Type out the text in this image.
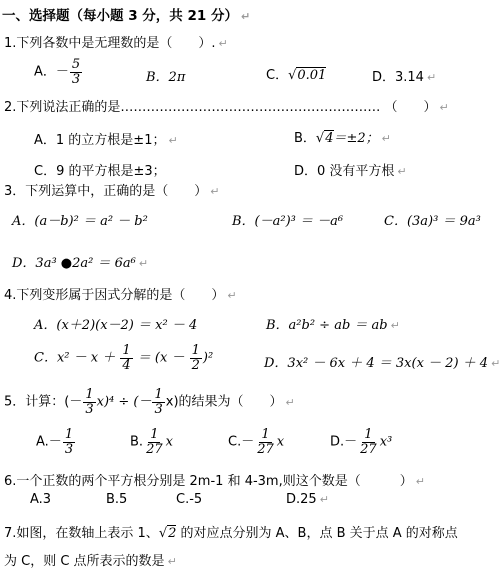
一、选择题（每小题 3 分，共 21 分） ↵
1.下列各数中是无理数的是（　　）. ↵
A．－ $\frac{5}{3}$	B．2π	C．√0.01	D．3.14 ↵
2.下列说法正确的是…………………………………………………… （　　） ↵
A．1 的立方根是±1； ↵	B．√4＝±2； ↵
C．9 的平方根是±3；	D．0 没有平方根 ↵
3．下列运算中，正确的是（　　） ↵
A．(a－b)² ＝ a² － b²	B．(－a²)³ ＝ －a⁶	C．(3a)³ ＝ 9a³
D．3a³ ●2a² ＝ 6a⁶ ↵
4.下列变形属于因式分解的是（　　） ↵
A．(x＋2)(x－2) ＝ x² － 4	B．a²b² ÷ ab ＝ ab ↵
C．$x^2 - x + \frac{1}{4} = (x - \frac{1}{2} )^2$	D．3x² － 6x ＋ 4 ＝ 3x(x － 2) ＋ 4 ↵
5．计算：(－ $\frac{1}{3} x)^4$ ÷ (－ $\frac{1}{3} x$)的结果为（　　） ↵
$A.- \frac{1}{3}$	B. $\frac{1}{27}$ x	$C.- \frac{1}{27}$ x	$D.- \frac{1}{27} x^3$
6.一个正数的两个平方根分别是 2m-1 和 4-3m,则这个数是（　　　） ↵
A.3	B.5	C.-5	D.25 ↵
7.如图，在数轴上表示 1、√2 的对应点分别为 A、B，点 B 关于点 A 的对称点
为 C，则 C 点所表示的数是 ↵
